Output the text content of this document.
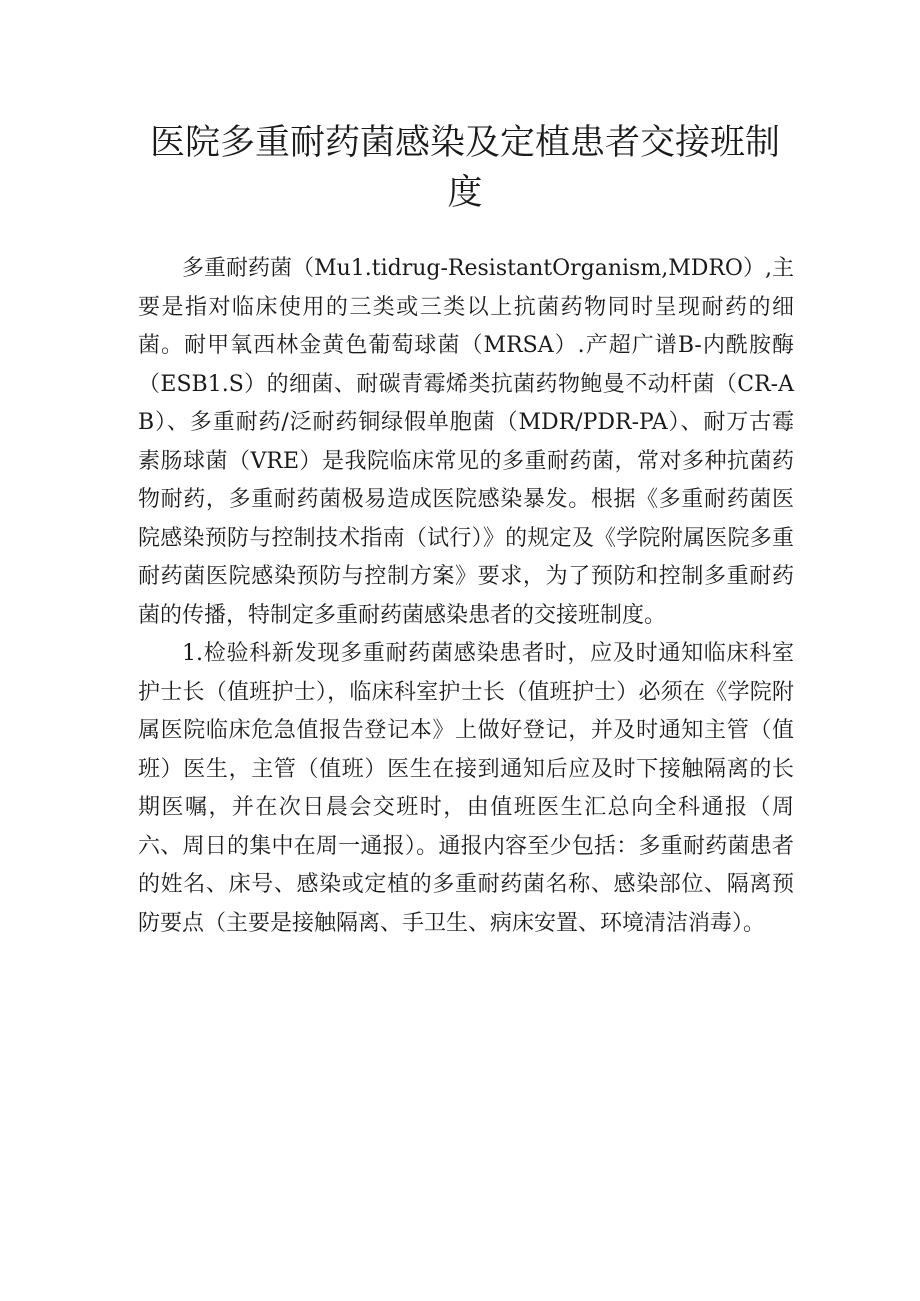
医院多重耐药菌感染及定植患者交接班制
度

多重耐药菌（Mu1.tidrug-ResistantOrganism,MDRO）,主要是指对临床使用的三类或三类以上抗菌药物同时呈现耐药的细菌。耐甲氧西林金黄色葡萄球菌（MRSA）.产超广谱B-内酰胺酶（ESB1.S）的细菌、耐碳青霉烯类抗菌药物鲍曼不动杆菌（CR-AB）、多重耐药/泛耐药铜绿假单胞菌（MDR/PDR-PA）、耐万古霉素肠球菌（VRE）是我院临床常见的多重耐药菌，常对多种抗菌药物耐药，多重耐药菌极易造成医院感染暴发。根据《多重耐药菌医院感染预防与控制技术指南（试行）》的规定及《学院附属医院多重耐药菌医院感染预防与控制方案》要求，为了预防和控制多重耐药菌的传播，特制定多重耐药菌感染患者的交接班制度。

1.检验科新发现多重耐药菌感染患者时，应及时通知临床科室护士长（值班护士），临床科室护士长（值班护士）必须在《学院附属医院临床危急值报告登记本》上做好登记，并及时通知主管（值班）医生，主管（值班）医生在接到通知后应及时下接触隔离的长期医嘱，并在次日晨会交班时，由值班医生汇总向全科通报（周六、周日的集中在周一通报）。通报内容至少包括：多重耐药菌患者的姓名、床号、感染或定植的多重耐药菌名称、感染部位、隔离预防要点（主要是接触隔离、手卫生、病床安置、环境清洁消毒）。
